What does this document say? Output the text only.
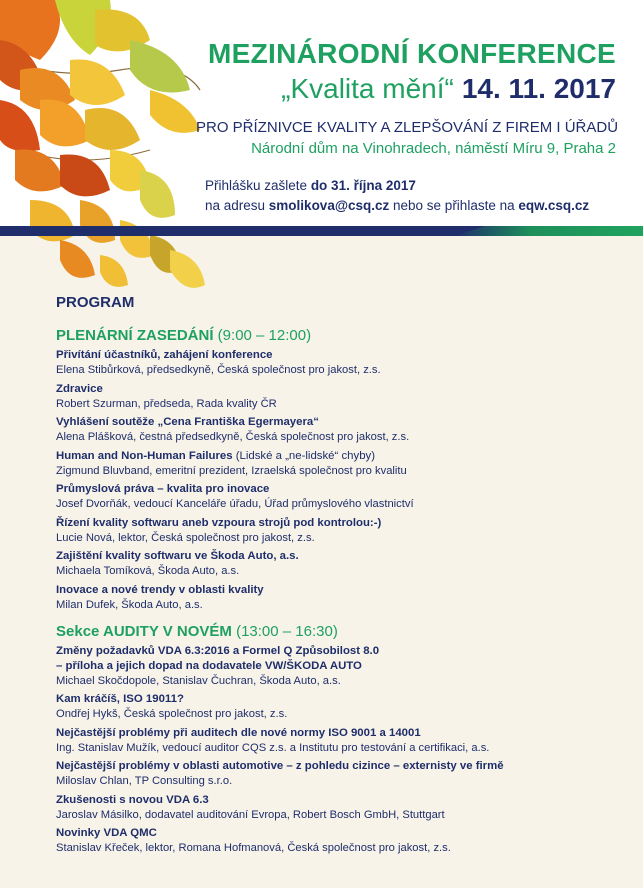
MEZINÁRODNÍ KONFERENCE
„Kvalita mění“ 14. 11. 2017
PRO PŘÍZNIVCE KVALITY A ZLEPŠOVÁNÍ Z FIREM I ÚŘADŮ
Národní dům na Vinohradech, náměstí Míru 9, Praha 2
Přihlášku zašlete do 31. října 2017
na adresu smolikova@csq.cz nebo se přihlaste na eqw.csq.cz
PROGRAM
PLENÁRNÍ ZASEDÁNÍ (9:00 – 12:00)
Přivítání účastníků, zahájení konference
Elena Stibůrková, předsedkyně, Česká společnost pro jakost, z.s.
Zdravice
Robert Szurman, předseda, Rada kvality ČR
Vyhlášení soutěže „Cena Františka Egermayera“
Alena Plášková, čestná předsedkyně, Česká společnost pro jakost, z.s.
Human and Non-Human Failures (Lidské a „ne-lidské“ chyby)
Zigmund Bluvband, emeritní prezident, Izraelská společnost pro kvalitu
Průmyslová práva – kvalita pro inovace
Josef Dvorňák, vedoucí Kanceláře úřadu, Úřad průmyslového vlastnictví
Řízení kvality softwaru aneb vzpoura strojů pod kontrolou:-)
Lucie Nová, lektor, Česká společnost pro jakost, z.s.
Zajištění kvality softwaru ve Škoda Auto, a.s.
Michaela Tomíková, Škoda Auto, a.s.
Inovace a nové trendy v oblasti kvality
Milan Dufek, Škoda Auto, a.s.
Sekce AUDITY V NOVÉM (13:00 – 16:30)
Změny požadavků VDA 6.3:2016 a Formel Q Způsobilost 8.0
– příloha a jejich dopad na dodavatele VW/ŠKODA AUTO
Michael Skočdopole, Stanislav Čuchran, Škoda Auto, a.s.
Kam kráčíš, ISO 19011?
Ondřej Hykš, Česká společnost pro jakost, z.s.
Nejčastější problémy při auditech dle nové normy ISO 9001 a 14001
Ing. Stanislav Mužík, vedoucí auditor CQS z.s. a Institutu pro testování a certifikaci, a.s.
Nejčastější problémy v oblasti automotive – z pohledu cizince – externisty ve firmě
Miloslav Chlan, TP Consulting s.r.o.
Zkušenosti s novou VDA 6.3
Jaroslav Másilko, dodavatel auditování Evropa, Robert Bosch GmbH, Stuttgart
Novinky VDA QMC
Stanislav Křeček, lektor, Romana Hofmanová, Česká společnost pro jakost, z.s.
